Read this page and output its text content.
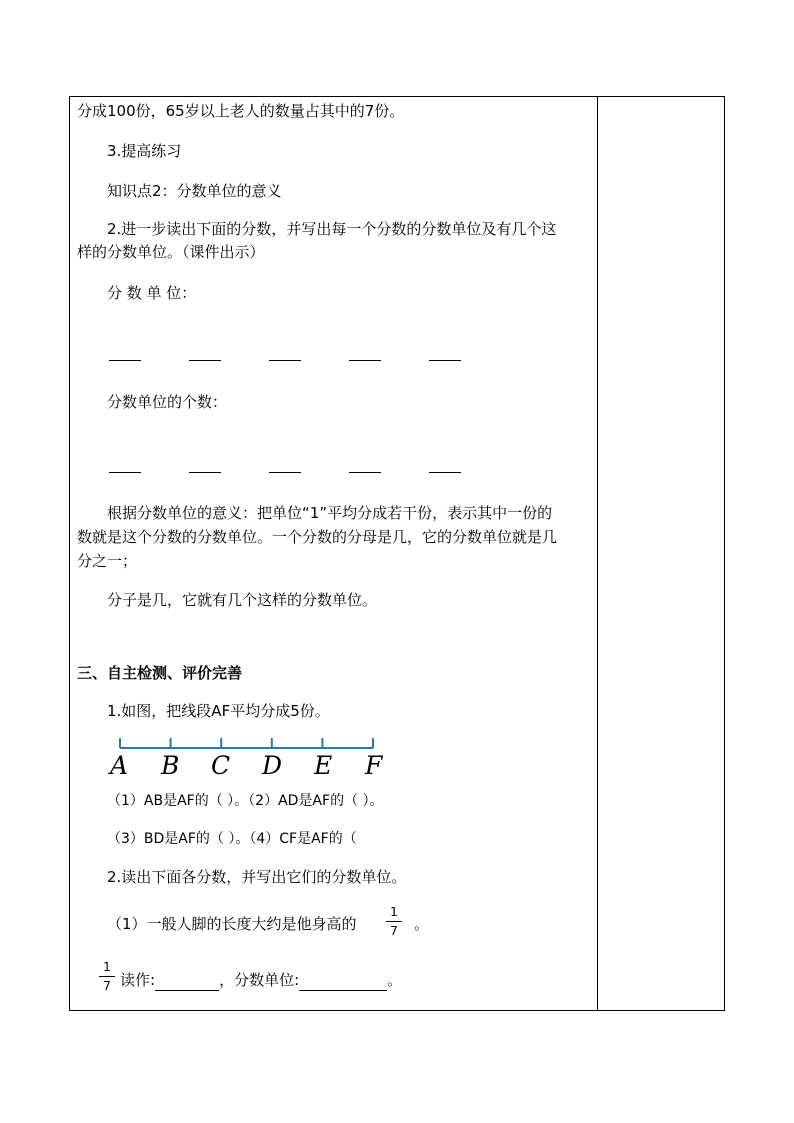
分成100份，65岁以上老人的数量占其中的7份。
3.提高练习
知识点2：分数单位的意义
2.进一步读出下面的分数，并写出每一个分数的分数单位及有几个这
样的分数单位。（课件出示）
分 数 单 位：
分数单位的个数：
根据分数单位的意义：把单位“1”平均分成若干份，表示其中一份的
数就是这个分数的分数单位。一个分数的分母是几，它的分数单位就是几
分之一；
分子是几，它就有几个这样的分数单位。
三、自主检测、评价完善
1.如图，把线段AF平均分成5份。
A B C D E F
（1）AB是AF的（ ）。（2）AD是AF的（ ）。
（3）BD是AF的（ ）。（4）CF是AF的（
2.读出下面各分数，并写出它们的分数单位。
（1）一般人脚的长度大约是他身高的
1
7 。
1
7 读作:	，分数单位:	。
